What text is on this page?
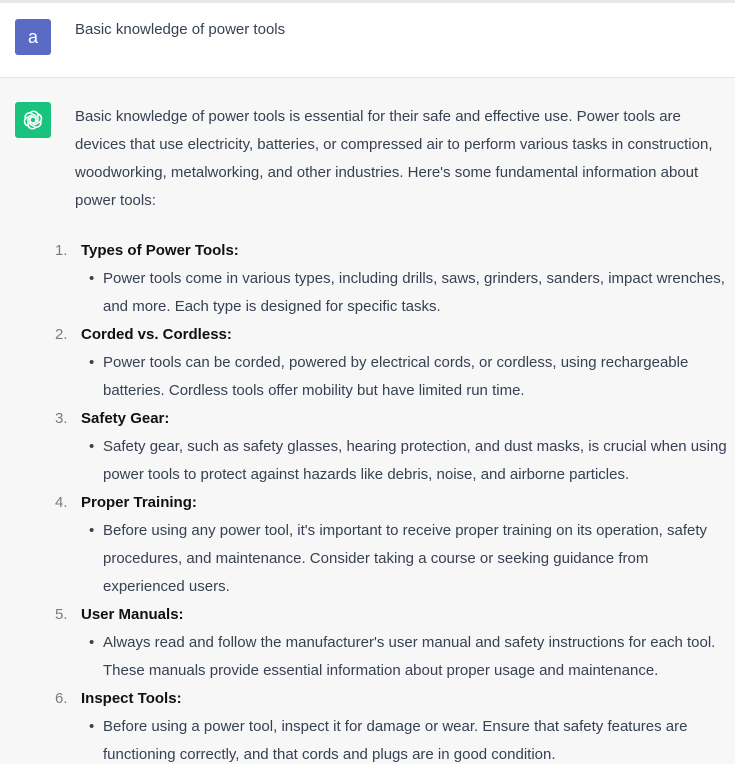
a	Basic knowledge of power tools

Basic knowledge of power tools is essential for their safe and effective use. Power tools are devices that use electricity, batteries, or compressed air to perform various tasks in construction, woodworking, metalworking, and other industries. Here's some fundamental information about power tools:

1. Types of Power Tools:
• Power tools come in various types, including drills, saws, grinders, sanders, impact wrenches, and more. Each type is designed for specific tasks.
2. Corded vs. Cordless:
• Power tools can be corded, powered by electrical cords, or cordless, using rechargeable batteries. Cordless tools offer mobility but have limited run time.
3. Safety Gear:
• Safety gear, such as safety glasses, hearing protection, and dust masks, is crucial when using power tools to protect against hazards like debris, noise, and airborne particles.
4. Proper Training:
• Before using any power tool, it's important to receive proper training on its operation, safety procedures, and maintenance. Consider taking a course or seeking guidance from experienced users.
5. User Manuals:
• Always read and follow the manufacturer's user manual and safety instructions for each tool. These manuals provide essential information about proper usage and maintenance.
6. Inspect Tools:
• Before using a power tool, inspect it for damage or wear. Ensure that safety features are functioning correctly, and that cords and plugs are in good condition.
